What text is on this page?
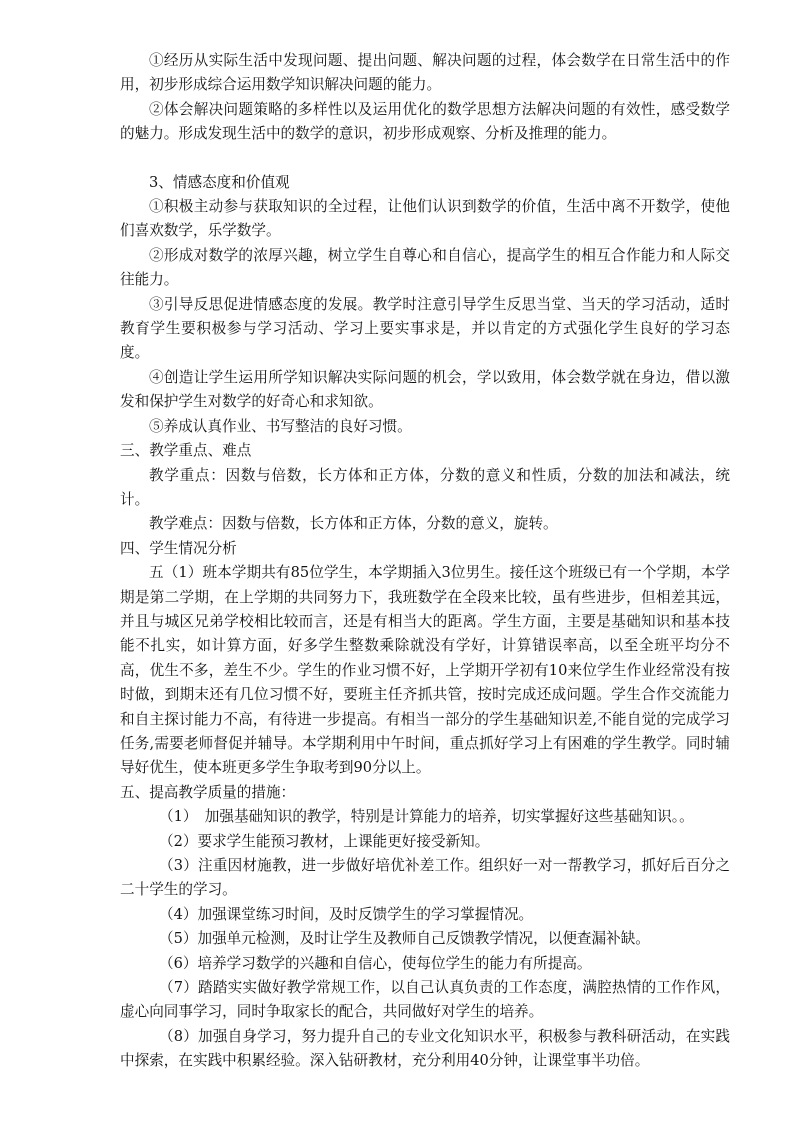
①经历从实际生活中发现问题、提出问题、解决问题的过程，体会数学在日常生活中的作用，初步形成综合运用数学知识解决问题的能力。

②体会解决问题策略的多样性以及运用优化的数学思想方法解决问题的有效性，感受数学的魅力。形成发现生活中的数学的意识，初步形成观察、分析及推理的能力。

3、情感态度和价值观

①积极主动参与获取知识的全过程，让他们认识到数学的价值，生活中离不开数学，使他们喜欢数学，乐学数学。

②形成对数学的浓厚兴趣，树立学生自尊心和自信心，提高学生的相互合作能力和人际交往能力。

③引导反思促进情感态度的发展。教学时注意引导学生反思当堂、当天的学习活动，适时教育学生要积极参与学习活动、学习上要实事求是，并以肯定的方式强化学生良好的学习态度。

④创造让学生运用所学知识解决实际问题的机会，学以致用，体会数学就在身边，借以激发和保护学生对数学的好奇心和求知欲。

⑤养成认真作业、书写整洁的良好习惯。

三、教学重点、难点

教学重点：因数与倍数，长方体和正方体，分数的意义和性质，分数的加法和减法，统计。

教学难点：因数与倍数，长方体和正方体，分数的意义，旋转。

四、学生情况分析

五（1）班本学期共有85位学生，本学期插入3位男生。接任这个班级已有一个学期，本学期是第二学期，在上学期的共同努力下，我班数学在全段来比较，虽有些进步，但相差其远，并且与城区兄弟学校相比较而言，还是有相当大的距离。学生方面，主要是基础知识和基本技能不扎实，如计算方面，好多学生整数乘除就没有学好，计算错误率高，以至全班平均分不高，优生不多，差生不少。学生的作业习惯不好，上学期开学初有10来位学生作业经常没有按时做，到期末还有几位习惯不好，要班主任齐抓共管，按时完成还成问题。学生合作交流能力和自主探讨能力不高，有待进一步提高。有相当一部分的学生基础知识差,不能自觉的完成学习任务,需要老师督促并辅导。本学期利用中午时间，重点抓好学习上有困难的学生教学。同时辅导好优生，使本班更多学生争取考到90分以上。

五、提高教学质量的措施：

（1）　加强基础知识的教学，特别是计算能力的培养，切实掌握好这些基础知识。。

（2）要求学生能预习教材，上课能更好接受新知。

（3）注重因材施教，进一步做好培优补差工作。组织好一对一帮教学习，抓好后百分之二十学生的学习。

（4）加强课堂练习时间，及时反馈学生的学习掌握情况。

（5）加强单元检测，及时让学生及教师自己反馈教学情况，以便查漏补缺。

（6）培养学习数学的兴趣和自信心，使每位学生的能力有所提高。

（7）踏踏实实做好教学常规工作，以自己认真负责的工作态度，满腔热情的工作作风，虚心向同事学习，同时争取家长的配合，共同做好对学生的培养。

（8）加强自身学习，努力提升自己的专业文化知识水平，积极参与教科研活动，在实践中探索，在实践中积累经验。深入钻研教材，充分利用40分钟，让课堂事半功倍。
